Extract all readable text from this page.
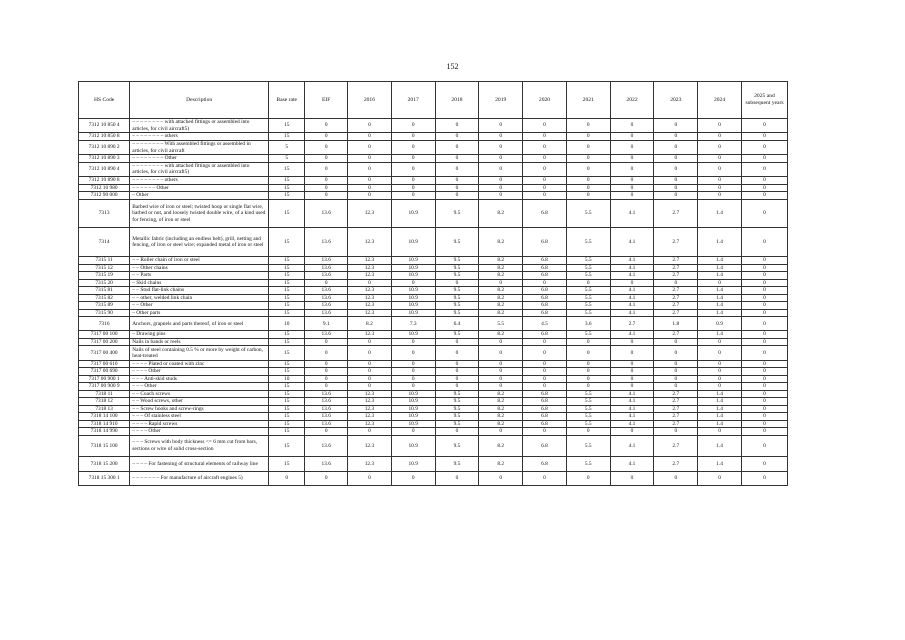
152
HS Code	Description	Base rate	EIF	2016	2017	2018	2019	2020	2021	2022	2023	2024	2025 and subsequent years
7312 10 850 4	– – – – – – – – with attached fittings or assembled into articles, for civil aircraft5)	15	0	0	0	0	0	0	0	0	0	0	0
7312 10 850 8	– – – – – – – – others	15	0	0	0	0	0	0	0	0	0	0	0
7312 10 890 2	– – – – – – – – With assembled fittings or assembled in articles, for civil aircraft	5	0	0	0	0	0	0	0	0	0	0	0
7312 10 890 3	– – – – – – – – Other	5	0	0	0	0	0	0	0	0	0	0	0
7312 10 890 4	– – – – – – – – with attached fittings or assembled into articles, for civil aircraft5)	15	0	0	0	0	0	0	0	0	0	0	0
7312 10 890 8	– – – – – – – – others	15	0	0	0	0	0	0	0	0	0	0	0
7312 10 980	– – – – – – Other	15	0	0	0	0	0	0	0	0	0	0	0
7312 90 000	– Other	15	0	0	0	0	0	0	0	0	0	0	0
7313	Barbed wire of iron or steel; twisted hoop or single flat wire, barbed or not, and loosely twisted double wire, of a kind used for fencing, of iron or steel	15	13.6	12.3	10.9	9.5	8.2	6.8	5.5	4.1	2.7	1.4	0
7314	Metallic fabric (including an endless belt), grill, netting and fencing, of iron or steel wire; expanded metal of iron or steel	15	13.6	12.3	10.9	9.5	8.2	6.8	5.5	4.1	2.7	1.4	0
7315 11	– – Roller chain of iron or steel	15	13.6	12.3	10.9	9.5	8.2	6.8	5.5	4.1	2.7	1.4	0
7315 12	– – Other chains	15	13.6	12.3	10.9	9.5	8.2	6.8	5.5	4.1	2.7	1.4	0
7315 19	– – Parts	15	13.6	12.3	10.9	9.5	8.2	6.8	5.5	4.1	2.7	1.4	0
7315 20	– Skid chains	15	0	0	0	0	0	0	0	0	0	0	0
7315 81	– – Stud flat-link chains	15	13.6	12.3	10.9	9.5	8.2	6.8	5.5	4.1	2.7	1.4	0
7315 82	– – other, welded link chain	15	13.6	12.3	10.9	9.5	8.2	6.8	5.5	4.1	2.7	1.4	0
7315 89	– – Other	15	13.6	12.3	10.9	9.5	8.2	6.8	5.5	4.1	2.7	1.4	0
7315 90	– Other parts	15	13.6	12.3	10.9	9.5	8.2	6.8	5.5	4.1	2.7	1.4	0
7316	Anchors, grapnels and parts thereof, of iron or steel	10	9.1	8.2	7.3	6.4	5.5	4.5	3.6	2.7	1.8	0.9	0
7317 00 100	– Drawing pins	15	13.6	12.3	10.9	9.5	8.2	6.8	5.5	4.1	2.7	1.4	0
7317 00 200	Nails in bands or reels	15	0	0	0	0	0	0	0	0	0	0	0
7317 00 400	Nails of steel containing 0.5 % or more by weight of carbon, heat-treated	15	0	0	0	0	0	0	0	0	0	0	0
7317 00 610	– – – – Plated or coated with zinc	15	0	0	0	0	0	0	0	0	0	0	0
7317 00 690	– – – – Other	15	0	0	0	0	0	0	0	0	0	0	0
7317 00 900 1	– – – Anti-skid studs	10	0	0	0	0	0	0	0	0	0	0	0
7317 00 900 9	– – – Other	15	0	0	0	0	0	0	0	0	0	0	0
7318 11	– – Coach screws	15	13.6	12.3	10.9	9.5	8.2	6.8	5.5	4.1	2.7	1.4	0
7318 12	– – Wood screws, other	15	13.6	12.3	10.9	9.5	8.2	6.8	5.5	4.1	2.7	1.4	0
7318 13	– – Screw hooks and screw-rings	15	13.6	12.3	10.9	9.5	8.2	6.8	5.5	4.1	2.7	1.4	0
7318 14 100	– – – Of stainless steel	15	13.6	12.3	10.9	9.5	8.2	6.8	5.5	4.1	2.7	1.4	0
7318 14 910	– – – – Rapid screws	15	13.6	12.3	10.9	9.5	8.2	6.8	5.5	4.1	2.7	1.4	0
7318 14 990	– – – – Other	15	0	0	0	0	0	0	0	0	0	0	0
7318 15 100	– – – Screws with body thickness <= 6 mm cut from bars, sections or wire of solid cross-section	15	13.6	12.3	10.9	9.5	8.2	6.8	5.5	4.1	2.7	1.4	0
7318 15 200	– – – – For fastening of structural elements of railway line	15	13.6	12.3	10.9	9.5	8.2	6.8	5.5	4.1	2.7	1.4	0
7318 15 300 1	– – – – – – – For manufacture of aircraft engines 5)	0	0	0	0	0	0	0	0	0	0	0	0
